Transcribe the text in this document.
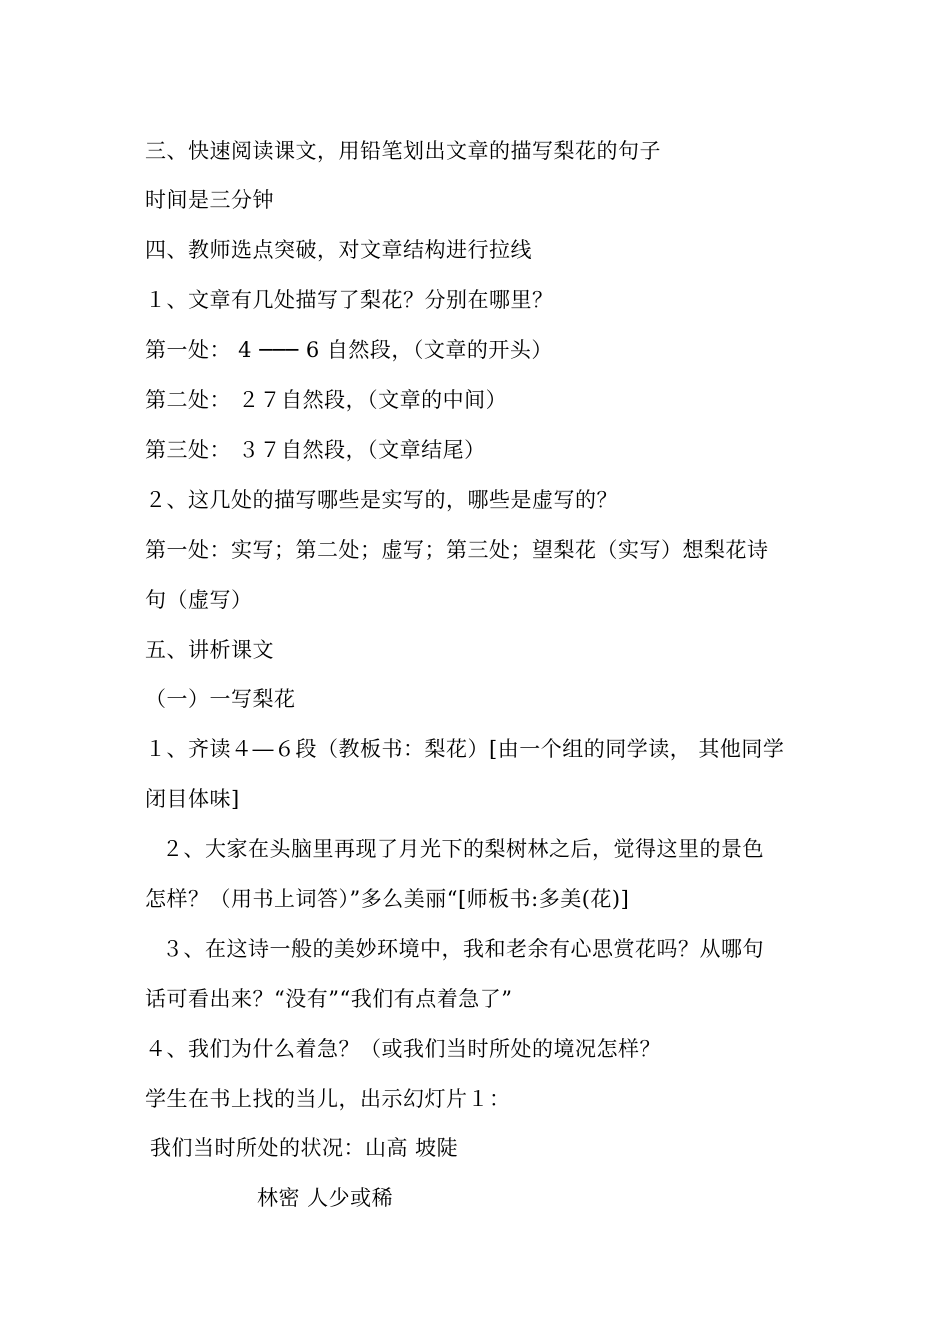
三、快速阅读课文，用铅笔划出文章的描写梨花的句子
时间是三分钟
四、教师选点突破，对文章结构进行拉线
１、文章有几处描写了梨花？分别在哪里？
第一处： 4 ─── 6 自然段，（文章的开头）
第二处： ２７自然段，（文章的中间）
第三处： ３７自然段，（文章结尾）
２、这几处的描写哪些是实写的，哪些是虚写的？
第一处：实写；第二处；虚写；第三处；望梨花（实写）想梨花诗
句（虚写）
五、讲析课文
（一）一写梨花
１、齐读４―６段（教板书：梨花）[由一个组的同学读， 其他同学
闭目体味]
２、大家在头脑里再现了月光下的梨树林之后，觉得这里的景色
怎样？（用书上词答）”多么美丽“[师板书:多美(花)]
３、在这诗一般的美妙环境中，我和老余有心思赏花吗？从哪句
话可看出来？“没有”“我们有点着急了”
４、我们为什么着急？（或我们当时所处的境况怎样？
学生在书上找的当儿，出示幻灯片１：
我们当时所处的状况：山高 坡陡
林密 人少或稀
